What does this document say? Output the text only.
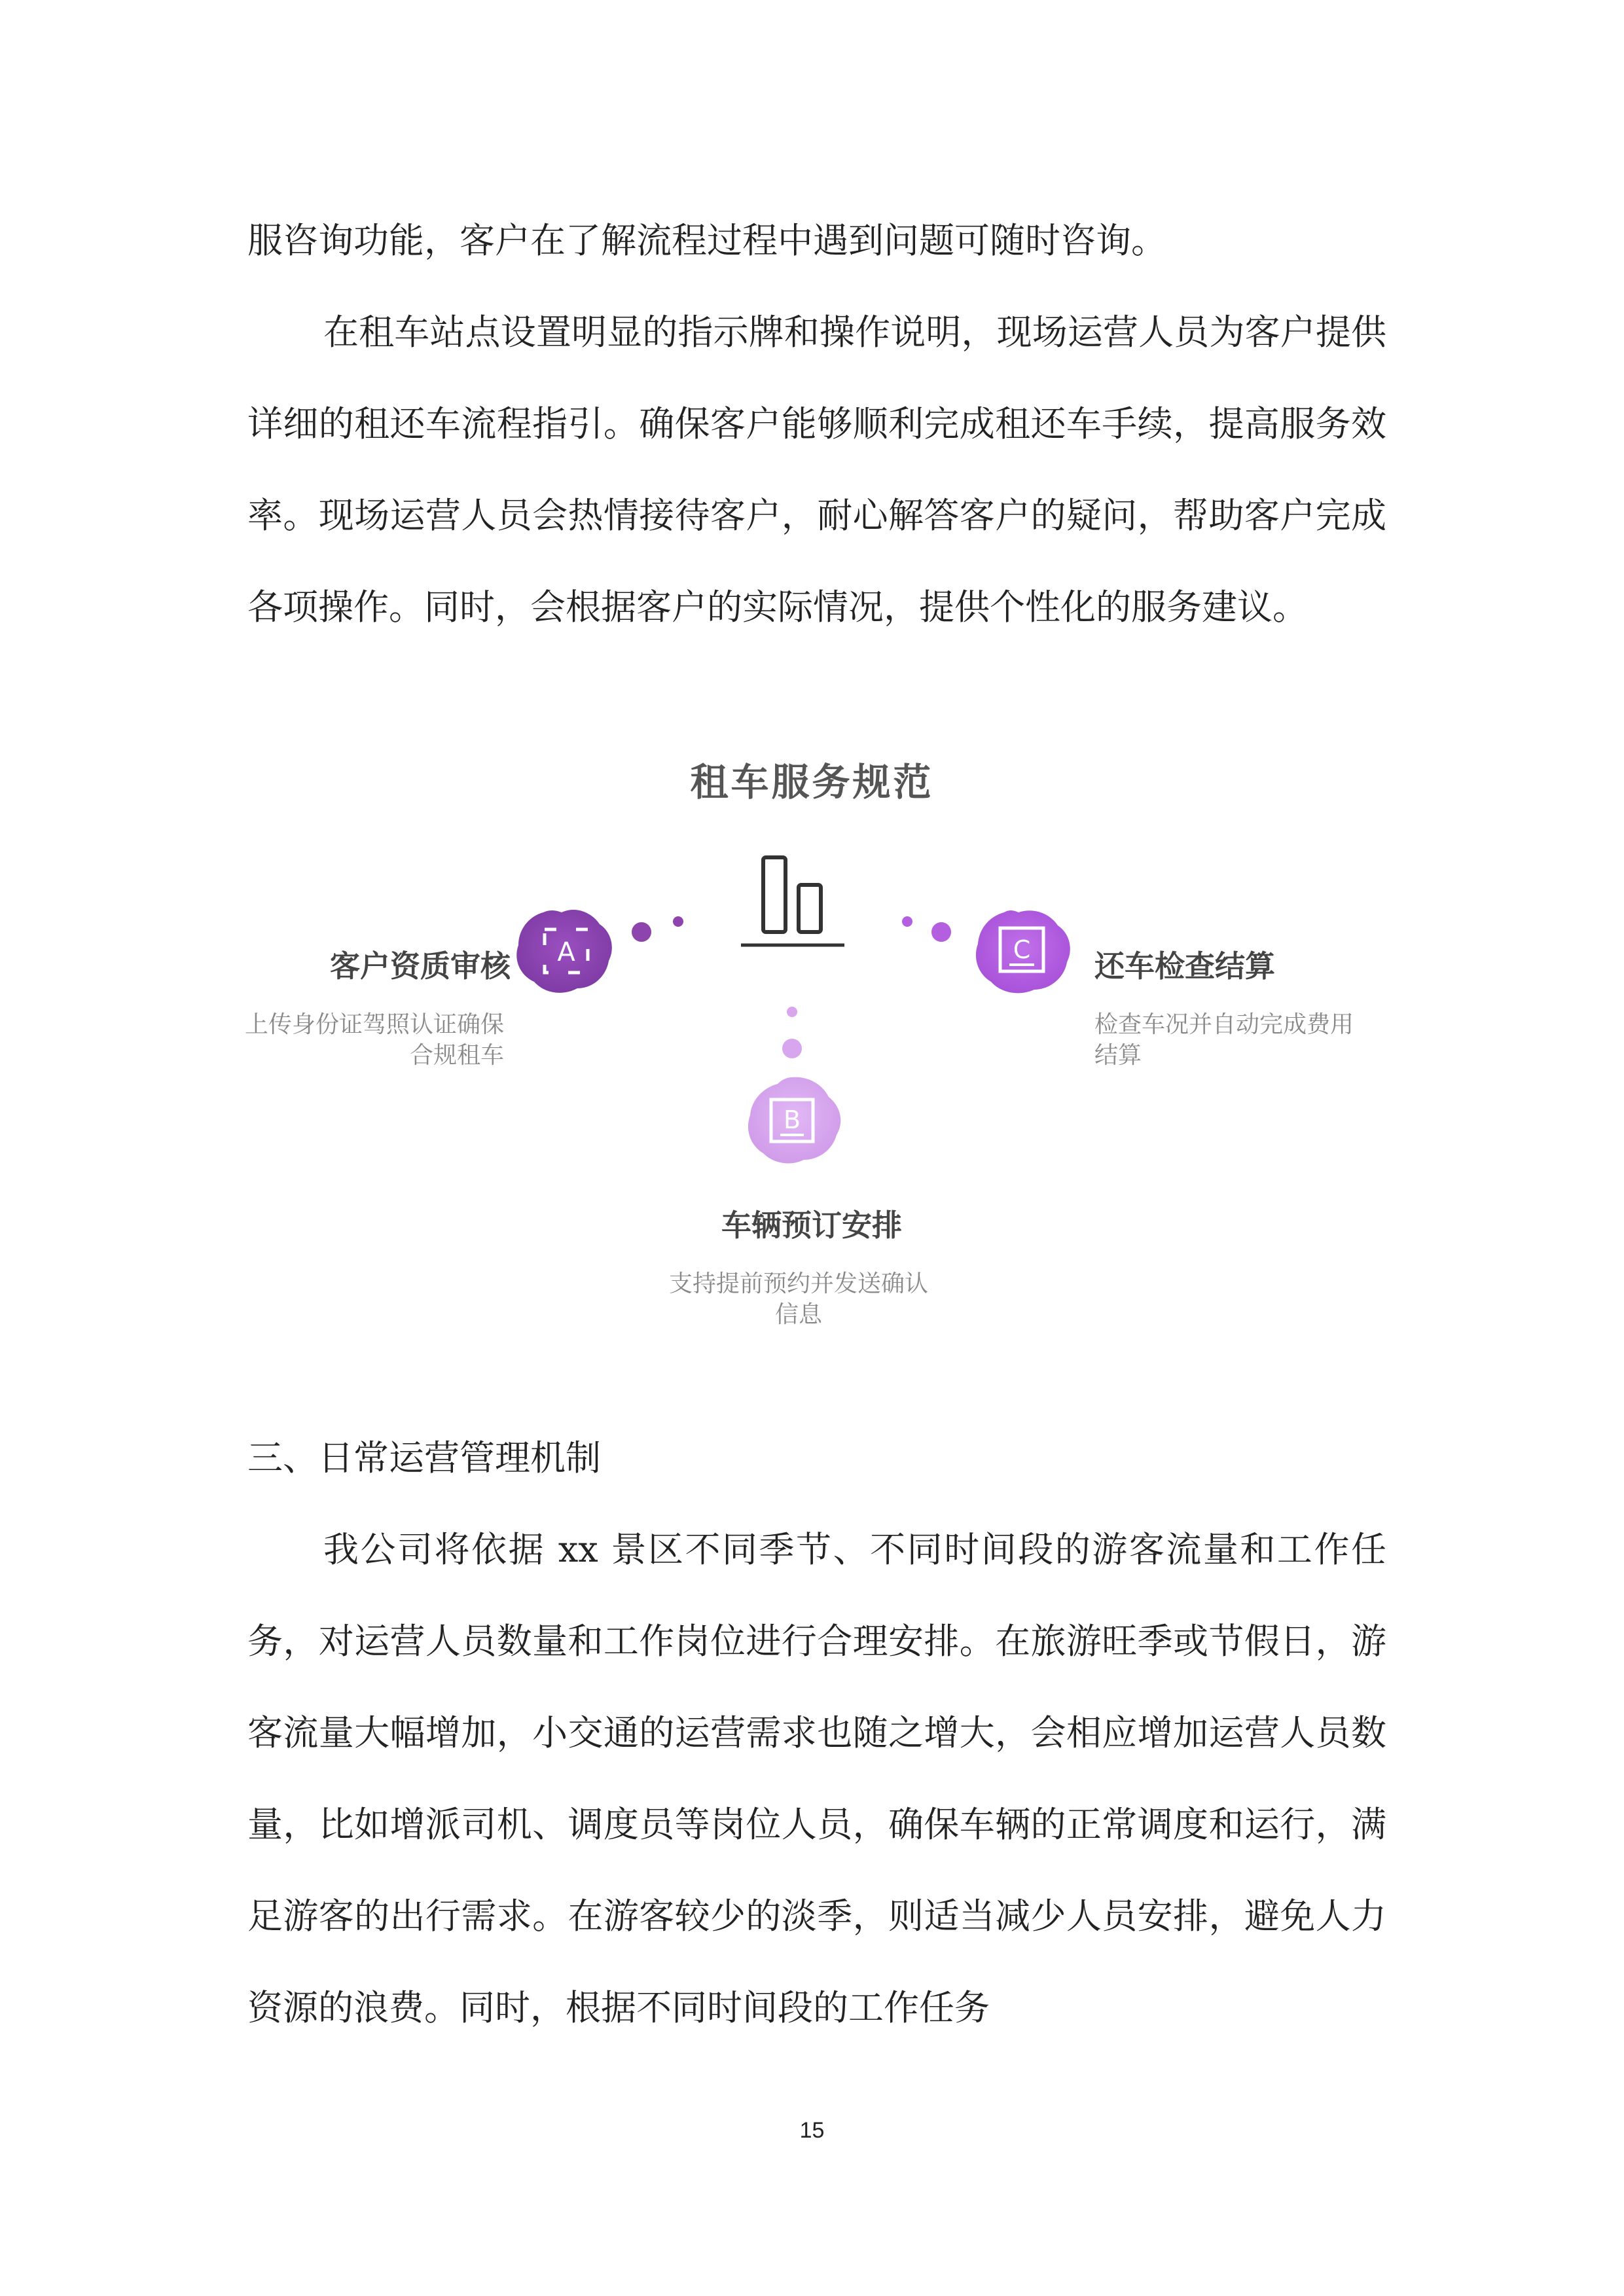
服咨询功能，客户在了解流程过程中遇到问题可随时咨询。

在租车站点设置明显的指示牌和操作说明，现场运营人员为客户提供详细的租还车流程指引。确保客户能够顺利完成租还车手续，提高服务效率。现场运营人员会热情接待客户，耐心解答客户的疑问，帮助客户完成各项操作。同时，会根据客户的实际情况，提供个性化的服务建议。

租车服务规范
A
B
C
客户资质审核
上传身份证驾照认证确保合规租车
还车检查结算
检查车况并自动完成费用结算
车辆预订安排
支持提前预约并发送确认信息

三、日常运营管理机制

我公司将依据 xx 景区不同季节、不同时间段的游客流量和工作任务，对运营人员数量和工作岗位进行合理安排。在旅游旺季或节假日，游客流量大幅增加，小交通的运营需求也随之增大，会相应增加运营人员数量，比如增派司机、调度员等岗位人员，确保车辆的正常调度和运行，满足游客的出行需求。在游客较少的淡季，则适当减少人员安排，避免人力资源的浪费。同时，根据不同时间段的工作任务

15
